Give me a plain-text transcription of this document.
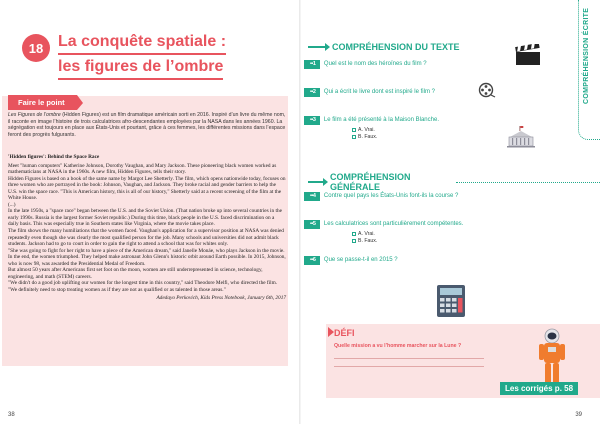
18 La conquête spatiale :
les figures de l’ombre
Faire le point
Les Figures de l’ombre (Hidden Figures) est un film dramatique américain sorti en 2016. Inspiré d’un livre du même nom, il raconte en image l’histoire de trois calculatrices afro-descendantes employées par la NASA dans les années 1960. La ségrégation est toujours en place aux États-Unis et pourtant, grâce à ces femmes, les différentes missions dans l’espace feront des progrès fulgurants.

'Hidden figures': Behind the Space Race

Meet "human computers" Katherine Johnson, Dorothy Vaughan, and Mary Jackson. These pioneering black women worked as mathematicians at NASA in the 1960s. A new film, Hidden Figures, tells their story.

Hidden Figures is based on a book of the same name by Margot Lee Shetterly. The film, which opens nationwide today, focuses on three women who are portrayed in the book: Johnson, Vaughan, and Jackson. They broke racial and gender barriers to help the U.S. win the space race. "This is American history, this is all of our history," Shetterly said at a recent screening of the film at the White House.

(...)

In the late 1950s, a "space race" began between the U.S. and the Soviet Union. (That nation broke up into several countries in the early 1990s. Russia is the largest former Soviet republic.) During this time, black people in the U.S. faced discrimination on a daily basis. This was especially true in Southern states like Virginia, where the movie takes place.

The film shows the many humiliations that the women faced. Vaughan's application for a supervisor position at NASA was denied repeatedly even though she was clearly the most qualified person for the job. Many schools and universities did not admit black students. Jackson had to go to court in order to gain the right to attend a school that was for whites only.

"She was going to fight for her right to have a piece of the American dream," said Janelle Monáe, who plays Jackson in the movie.

In the end, the women triumphed. They helped make astronaut John Glenn's historic orbit around Earth possible. In 2015, Johnson, who is now 98, was awarded the Presidential Medal of Freedom.

But almost 50 years after Americans first set foot on the moon, women are still underrepresented in science, technology, engineering, and math (STEM) careers.

"We didn't do a good job uplifting our women for the longest time in this country," said Theodore Melfi, who directed the film. "We definitely need to stop treating women as if they are not as qualified or as talented in those areas."

Adedayo Perkovich, Kids Press Notebook, January 6th, 2017

38
COMPRÉHENSION ÉCRITE
COMPRÉHENSION DU TEXTE
•• 1	Quel est le nom des héroïnes du film ?
•• 2	Qui a écrit le livre dont est inspiré le film ?
•• 3	Le film a été présenté à la Maison Blanche.
A. Vrai.
B. Faux.
COMPRÉHENSION GÉNÉRALE
•• 4	Contre quel pays les États-Unis font-ils la course ?
•• 5	Les calculatrices sont particulièrement compétentes.
A. Vrai.
B. Faux.
•• 6	Que se passe-t-il en 2015 ?
DÉFI
Quelle mission a vu l’homme marcher sur la Lune ?
Les corrigés p. 58
39
